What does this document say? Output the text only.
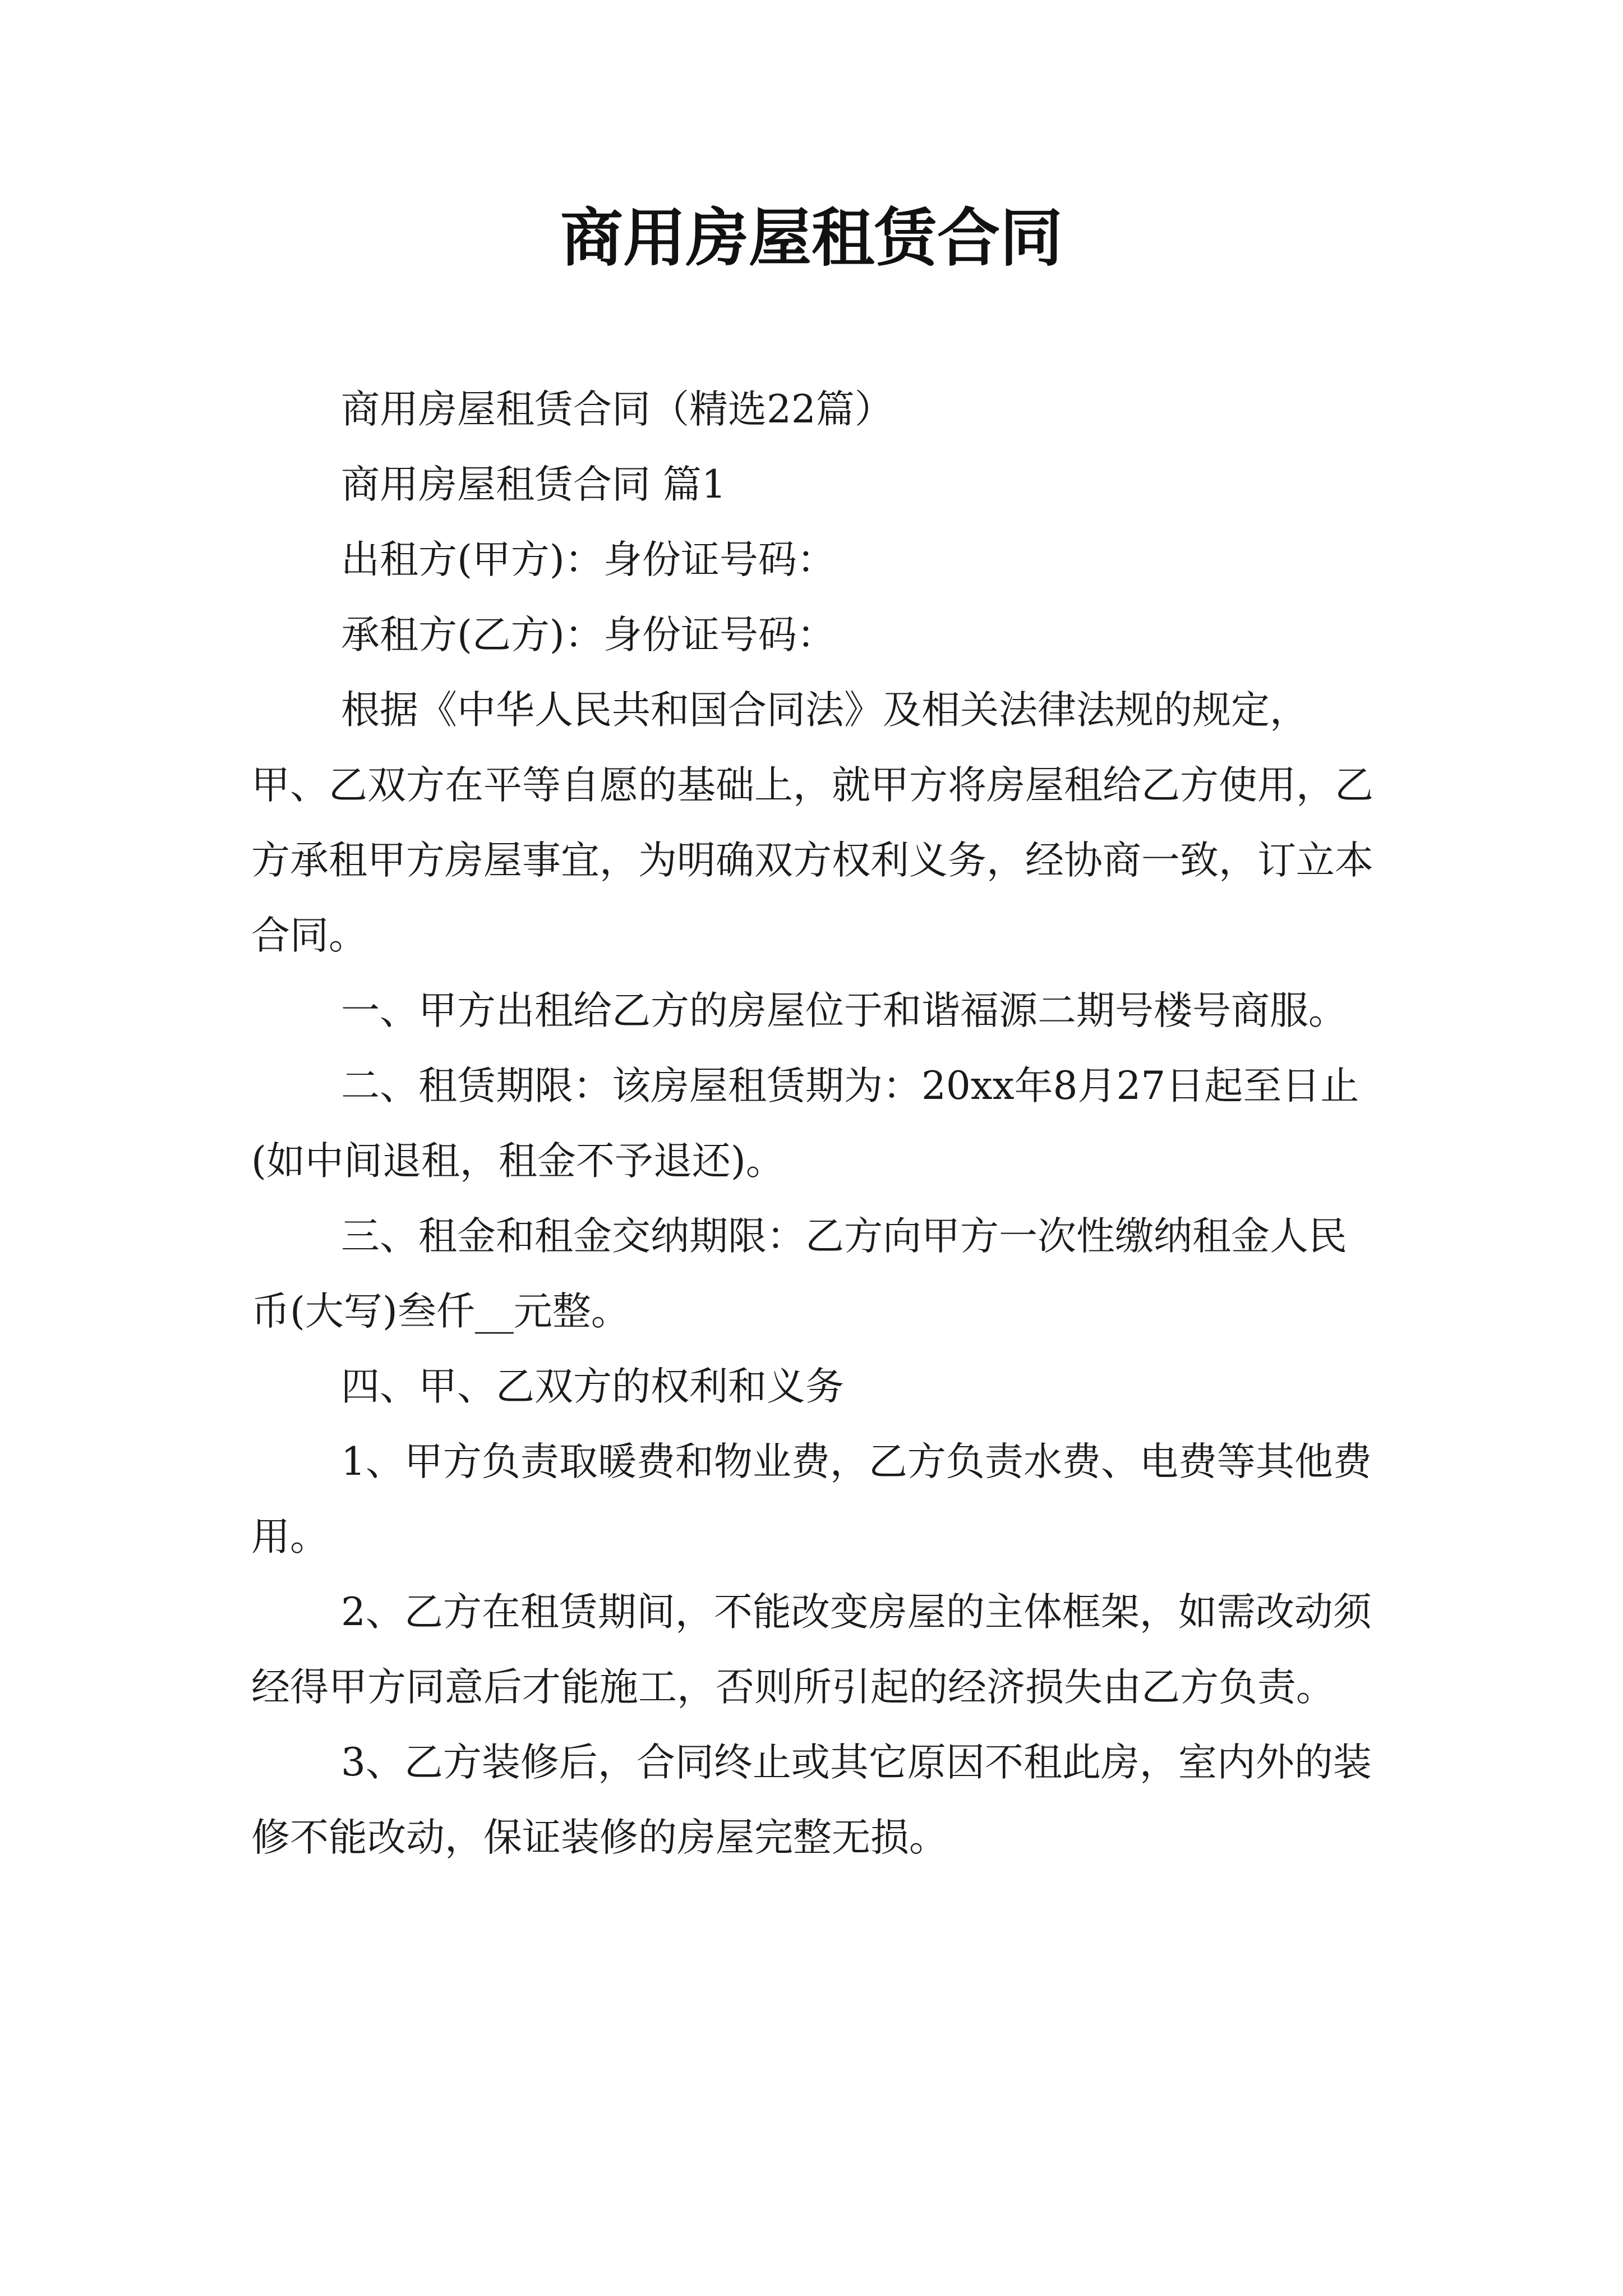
商用房屋租赁合同

商用房屋租赁合同（精选22篇）

商用房屋租赁合同 篇1

出租方(甲方)：身份证号码：

承租方(乙方)：身份证号码：

根据《中华人民共和国合同法》及相关法律法规的规定，甲、乙双方在平等自愿的基础上，就甲方将房屋租给乙方使用，乙方承租甲方房屋事宜，为明确双方权利义务，经协商一致，订立本合同。

一、甲方出租给乙方的房屋位于和谐福源二期号楼号商服。

二、租赁期限：该房屋租赁期为：20xx年8月27日起至日止(如中间退租，租金不予退还)。

三、租金和租金交纳期限：乙方向甲方一次性缴纳租金人民币(大写)叁仟__元整。

四、甲、乙双方的权利和义务

1、甲方负责取暖费和物业费，乙方负责水费、电费等其他费用。

2、乙方在租赁期间，不能改变房屋的主体框架，如需改动须经得甲方同意后才能施工，否则所引起的经济损失由乙方负责。

3、乙方装修后，合同终止或其它原因不租此房，室内外的装修不能改动，保证装修的房屋完整无损。
